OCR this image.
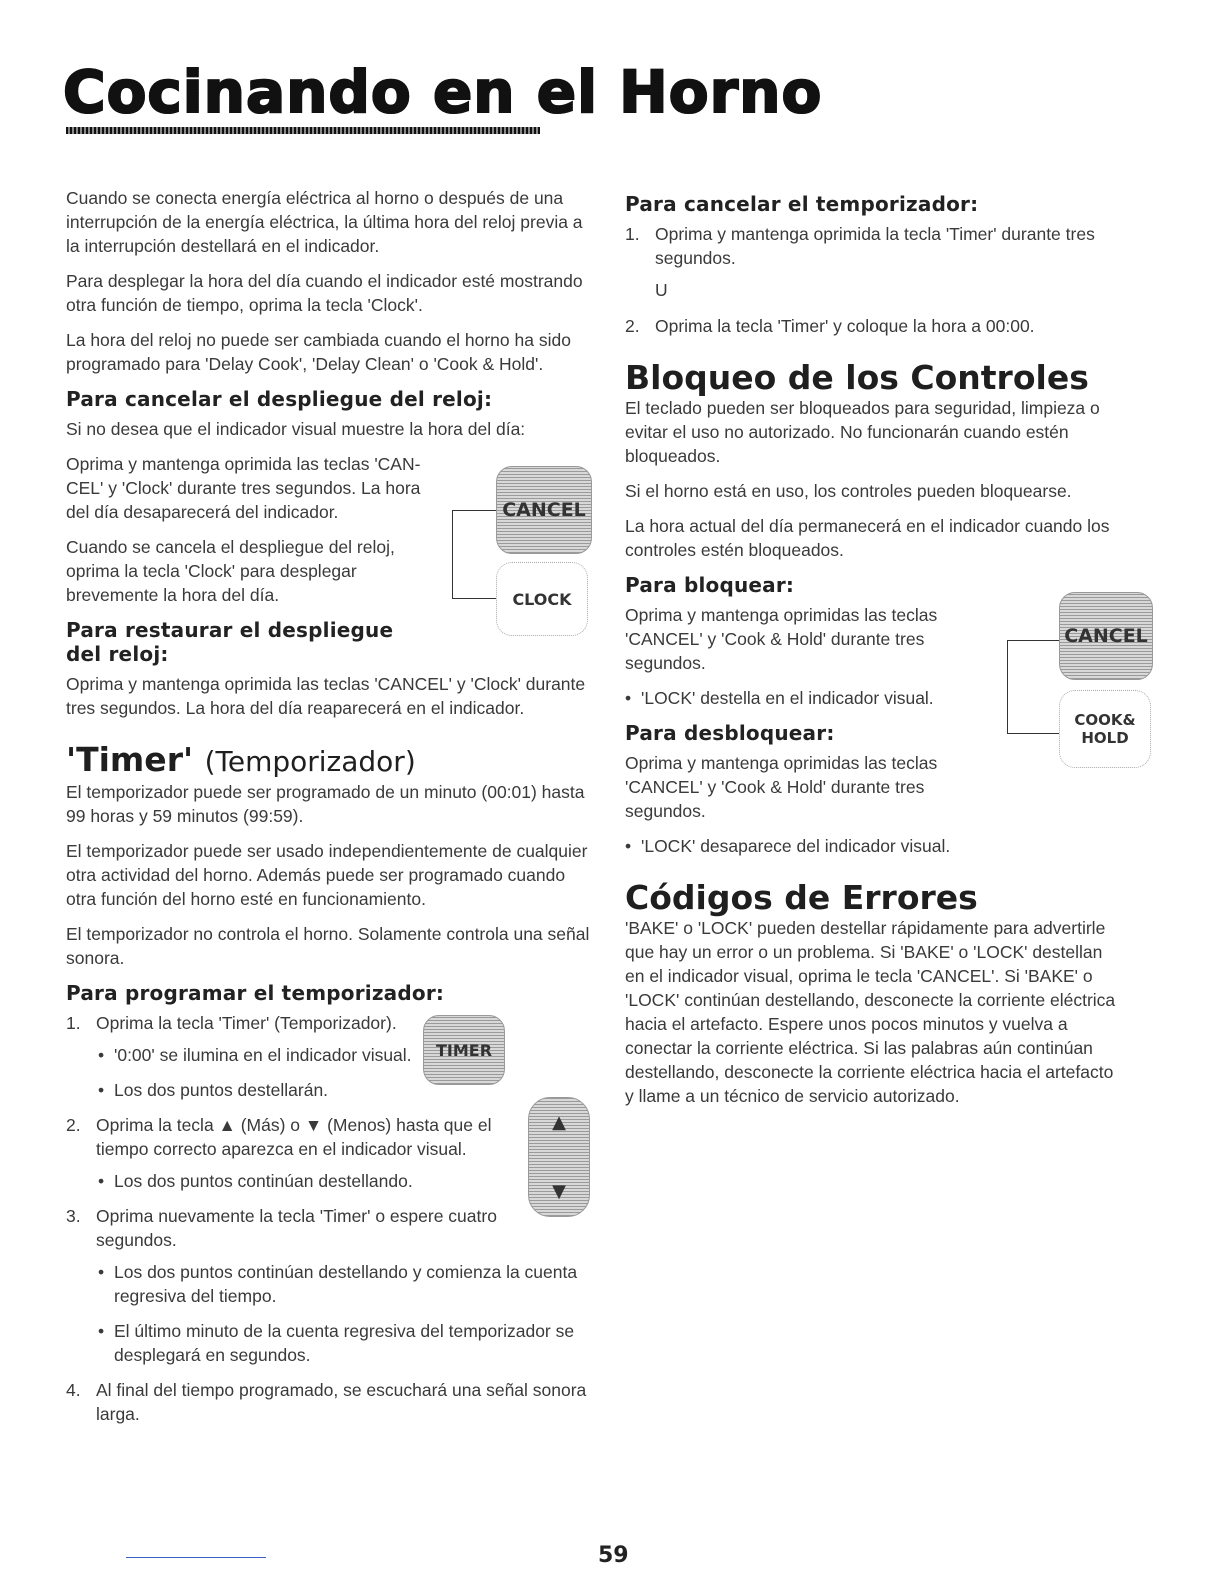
Cocinando en el Horno

Cuando se conecta energía eléctrica al horno o después de una interrupción de la energía eléctrica, la última hora del reloj previa a la interrupción destellará en el indicador.

Para desplegar la hora del día cuando el indicador esté mostrando otra función de tiempo, oprima la tecla 'Clock'.

La hora del reloj no puede ser cambiada cuando el horno ha sido programado para 'Delay Cook', 'Delay Clean' o 'Cook & Hold'.

Para cancelar el despliegue del reloj:

Si no desea que el indicador visual muestre la hora del día:

Oprima y mantenga oprimida las teclas 'CAN-CEL' y 'Clock' durante tres segundos. La hora del día desaparecerá del indicador.

Cuando se cancela el despliegue del reloj, oprima la tecla 'Clock' para desplegar brevemente la hora del día.

Para restaurar el despliegue del reloj:

Oprima y mantenga oprimida las teclas 'CANCEL' y 'Clock' durante tres segundos. La hora del día reaparecerá en el indicador.

'Timer' (Temporizador)

El temporizador puede ser programado de un minuto (00:01) hasta 99 horas y 59 minutos (99:59).

El temporizador puede ser usado independientemente de cualquier otra actividad del horno. Además puede ser programado cuando otra función del horno esté en funcionamiento.

El temporizador no controla el horno. Solamente controla una señal sonora.

Para programar el temporizador:
1. Oprima la tecla 'Timer' (Temporizador).
• '0:00' se ilumina en el indicador visual.
• Los dos puntos destellarán.
2. Oprima la tecla ▲ (Más) o ▼ (Menos) hasta que el tiempo correcto aparezca en el indicador visual.
• Los dos puntos continúan destellando.
3. Oprima nuevamente la tecla 'Timer' o espere cuatro segundos.
• Los dos puntos continúan destellando y comienza la cuenta regresiva del tiempo.
• El último minuto de la cuenta regresiva del temporizador se desplegará en segundos.
4. Al final del tiempo programado, se escuchará una señal sonora larga.
CANCEL
CLOCK
TIMER
▲
▼
Para cancelar el temporizador:
1. Oprima y mantenga oprimida la tecla 'Timer' durante tres segundos.
U
2. Oprima la tecla 'Timer' y coloque la hora a 00:00.
Bloqueo de los Controles

El teclado pueden ser bloqueados para seguridad, limpieza o evitar el uso no autorizado. No funcionarán cuando estén bloqueados.

Si el horno está en uso, los controles pueden bloquearse.

La hora actual del día permanecerá en el indicador cuando los controles estén bloqueados.

Para bloquear:

Oprima y mantenga oprimidas las teclas 'CANCEL' y 'Cook & Hold' durante tres segundos.

• 'LOCK' destella en el indicador visual.
Para desbloquear:

Oprima y mantenga oprimidas las teclas 'CANCEL' y 'Cook & Hold' durante tres segundos.

• 'LOCK' desaparece del indicador visual.
Códigos de Errores

'BAKE' o 'LOCK' pueden destellar rápidamente para advertirle que hay un error o un problema. Si 'BAKE' o 'LOCK' destellan en el indicador visual, oprima le tecla 'CANCEL'. Si 'BAKE' o 'LOCK' continúan destellando, desconecte la corriente eléctrica hacia el artefacto. Espere unos pocos minutos y vuelva a conectar la corriente eléctrica. Si las palabras aún continúan destellando, desconecte la corriente eléctrica hacia el artefacto y llame a un técnico de servicio autorizado.

CANCEL
COOK&
HOLD
59
